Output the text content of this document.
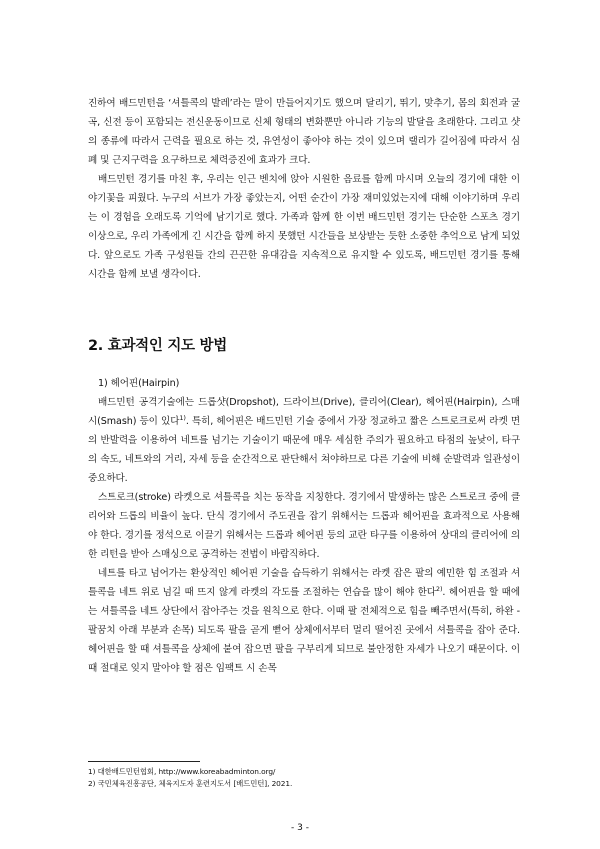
진하여 배드민턴을 ‘셔틀콕의 발레’라는 말이 만들어지기도 했으며 달리기, 뛰기, 맞추기, 몸의 회전과 굴곡, 신전 등이 포함되는 전신운동이므로 신체 형태의 변화뿐만 아니라 기능의 발달을 초래한다. 그리고 샷의 종류에 따라서 근력을 필요로 하는 것, 유연성이 좋아야 하는 것이 있으며 랠리가 길어짐에 따라서 심폐 및 근지구력을 요구하므로 체력증진에 효과가 크다.

배드민턴 경기를 마친 후, 우리는 인근 벤치에 앉아 시원한 음료를 함께 마시며 오늘의 경기에 대한 이야기꽃을 피웠다. 누구의 서브가 가장 좋았는지, 어떤 순간이 가장 재미있었는지에 대해 이야기하며 우리는 이 경험을 오래도록 기억에 남기기로 했다. 가족과 함께 한 이번 배드민턴 경기는 단순한 스포츠 경기 이상으로, 우리 가족에게 긴 시간을 함께 하지 못했던 시간들을 보상받는 듯한 소중한 추억으로 남게 되었다. 앞으로도 가족 구성원들 간의 끈끈한 유대감을 지속적으로 유지할 수 있도록, 배드민턴 경기를 통해 시간을 함께 보낼 생각이다.

2. 효과적인 지도 방법

1) 헤어핀(Hairpin)

배드민턴 공격기술에는 드롭샷(Dropshot), 드라이브(Drive), 클리어(Clear), 헤어핀(Hairpin), 스매시(Smash) 등이 있다$^{1)}$. 특히, 헤어핀은 배드민턴 기술 중에서 가장 정교하고 짧은 스트로크로써 라켓 면의 반발력을 이용하여 네트를 넘기는 기술이기 때문에 매우 세심한 주의가 필요하고 타점의 높낮이, 타구의 속도, 네트와의 거리, 자세 등을 순간적으로 판단해서 쳐야하므로 다른 기술에 비해 순발력과 일관성이 중요하다.

스트로크(stroke) 라켓으로 셔틀콕을 치는 동작을 지칭한다. 경기에서 발생하는 많은 스트로크 중에 클리어와 드롭의 비율이 높다. 단식 경기에서 주도권을 잡기 위해서는 드롭과 헤어핀을 효과적으로 사용해야 한다. 경기를 정석으로 이끌기 위해서는 드롭과 헤어핀 등의 교란 타구를 이용하여 상대의 클리어에 의한 리턴을 받아 스매싱으로 공격하는 전법이 바람직하다.

네트를 타고 넘어가는 환상적인 헤어핀 기술을 습득하기 위해서는 라켓 잡은 팔의 예민한 힘 조절과 셔틀콕을 네트 위로 넘길 때 뜨지 않게 라켓의 각도를 조절하는 연습을 많이 해야 한다$^{2)}$. 헤어핀을 할 때에는 셔틀콕을 네트 상단에서 잡아주는 것을 원칙으로 한다. 이때 팔 전체적으로 힘을 빼주면서(특히, 하완 - 팔꿈치 아래 부분과 손목) 되도록 팔을 곧게 뻗어 상체에서부터 멀리 떨어진 곳에서 셔틀콕을 잡아 준다. 헤어핀을 할 때 셔틀콕을 상체에 붙여 잡으면 팔을 구부리게 되므로 불안정한 자세가 나오기 때문이다. 이때 절대로 잊지 말아야 할 점은 임팩트 시 손목

1) 대한배드민턴협회, http://www.koreabadminton.org/

2) 국민체육진흥공단, 체육지도자 훈련지도서 [배드민턴], 2021.

- 3 -
